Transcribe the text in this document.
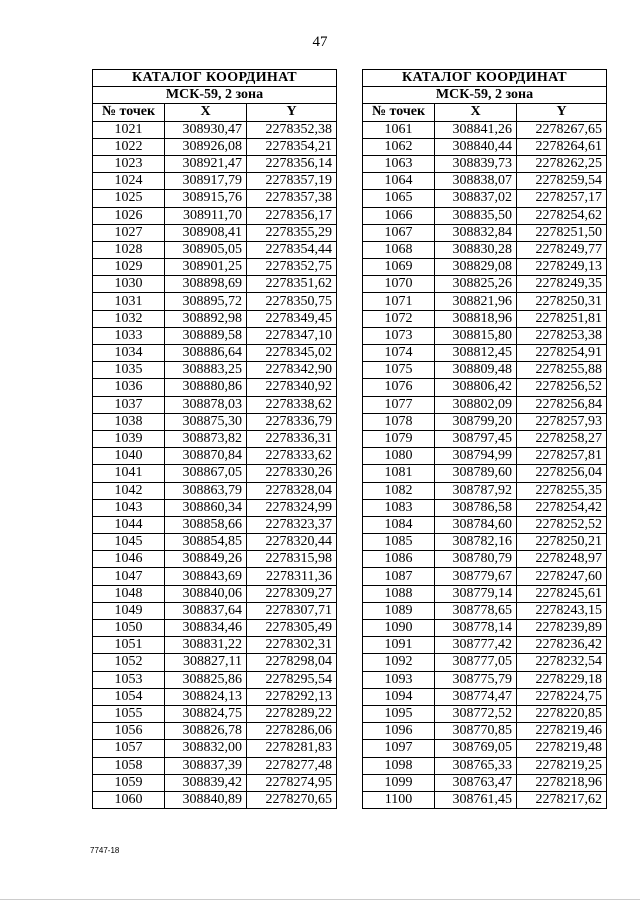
47
КАТАЛОГ КООРДИНАТ		
МСК-59, 2 зона		
№ точек	X	Y
1021	308930,47	2278352,38
1022	308926,08	2278354,21
1023	308921,47	2278356,14
1024	308917,79	2278357,19
1025	308915,76	2278357,38
1026	308911,70	2278356,17
1027	308908,41	2278355,29
1028	308905,05	2278354,44
1029	308901,25	2278352,75
1030	308898,69	2278351,62
1031	308895,72	2278350,75
1032	308892,98	2278349,45
1033	308889,58	2278347,10
1034	308886,64	2278345,02
1035	308883,25	2278342,90
1036	308880,86	2278340,92
1037	308878,03	2278338,62
1038	308875,30	2278336,79
1039	308873,82	2278336,31
1040	308870,84	2278333,62
1041	308867,05	2278330,26
1042	308863,79	2278328,04
1043	308860,34	2278324,99
1044	308858,66	2278323,37
1045	308854,85	2278320,44
1046	308849,26	2278315,98
1047	308843,69	2278311,36
1048	308840,06	2278309,27
1049	308837,64	2278307,71
1050	308834,46	2278305,49
1051	308831,22	2278302,31
1052	308827,11	2278298,04
1053	308825,86	2278295,54
1054	308824,13	2278292,13
1055	308824,75	2278289,22
1056	308826,78	2278286,06
1057	308832,00	2278281,83
1058	308837,39	2278277,48
1059	308839,42	2278274,95
1060	308840,89	2278270,65
КАТАЛОГ КООРДИНАТ		
МСК-59, 2 зона		
№ точек	X	Y
1061	308841,26	2278267,65
1062	308840,44	2278264,61
1063	308839,73	2278262,25
1064	308838,07	2278259,54
1065	308837,02	2278257,17
1066	308835,50	2278254,62
1067	308832,84	2278251,50
1068	308830,28	2278249,77
1069	308829,08	2278249,13
1070	308825,26	2278249,35
1071	308821,96	2278250,31
1072	308818,96	2278251,81
1073	308815,80	2278253,38
1074	308812,45	2278254,91
1075	308809,48	2278255,88
1076	308806,42	2278256,52
1077	308802,09	2278256,84
1078	308799,20	2278257,93
1079	308797,45	2278258,27
1080	308794,99	2278257,81
1081	308789,60	2278256,04
1082	308787,92	2278255,35
1083	308786,58	2278254,42
1084	308784,60	2278252,52
1085	308782,16	2278250,21
1086	308780,79	2278248,97
1087	308779,67	2278247,60
1088	308779,14	2278245,61
1089	308778,65	2278243,15
1090	308778,14	2278239,89
1091	308777,42	2278236,42
1092	308777,05	2278232,54
1093	308775,79	2278229,18
1094	308774,47	2278224,75
1095	308772,52	2278220,85
1096	308770,85	2278219,46
1097	308769,05	2278219,48
1098	308765,33	2278219,25
1099	308763,47	2278218,96
1100	308761,45	2278217,62
7747-18
